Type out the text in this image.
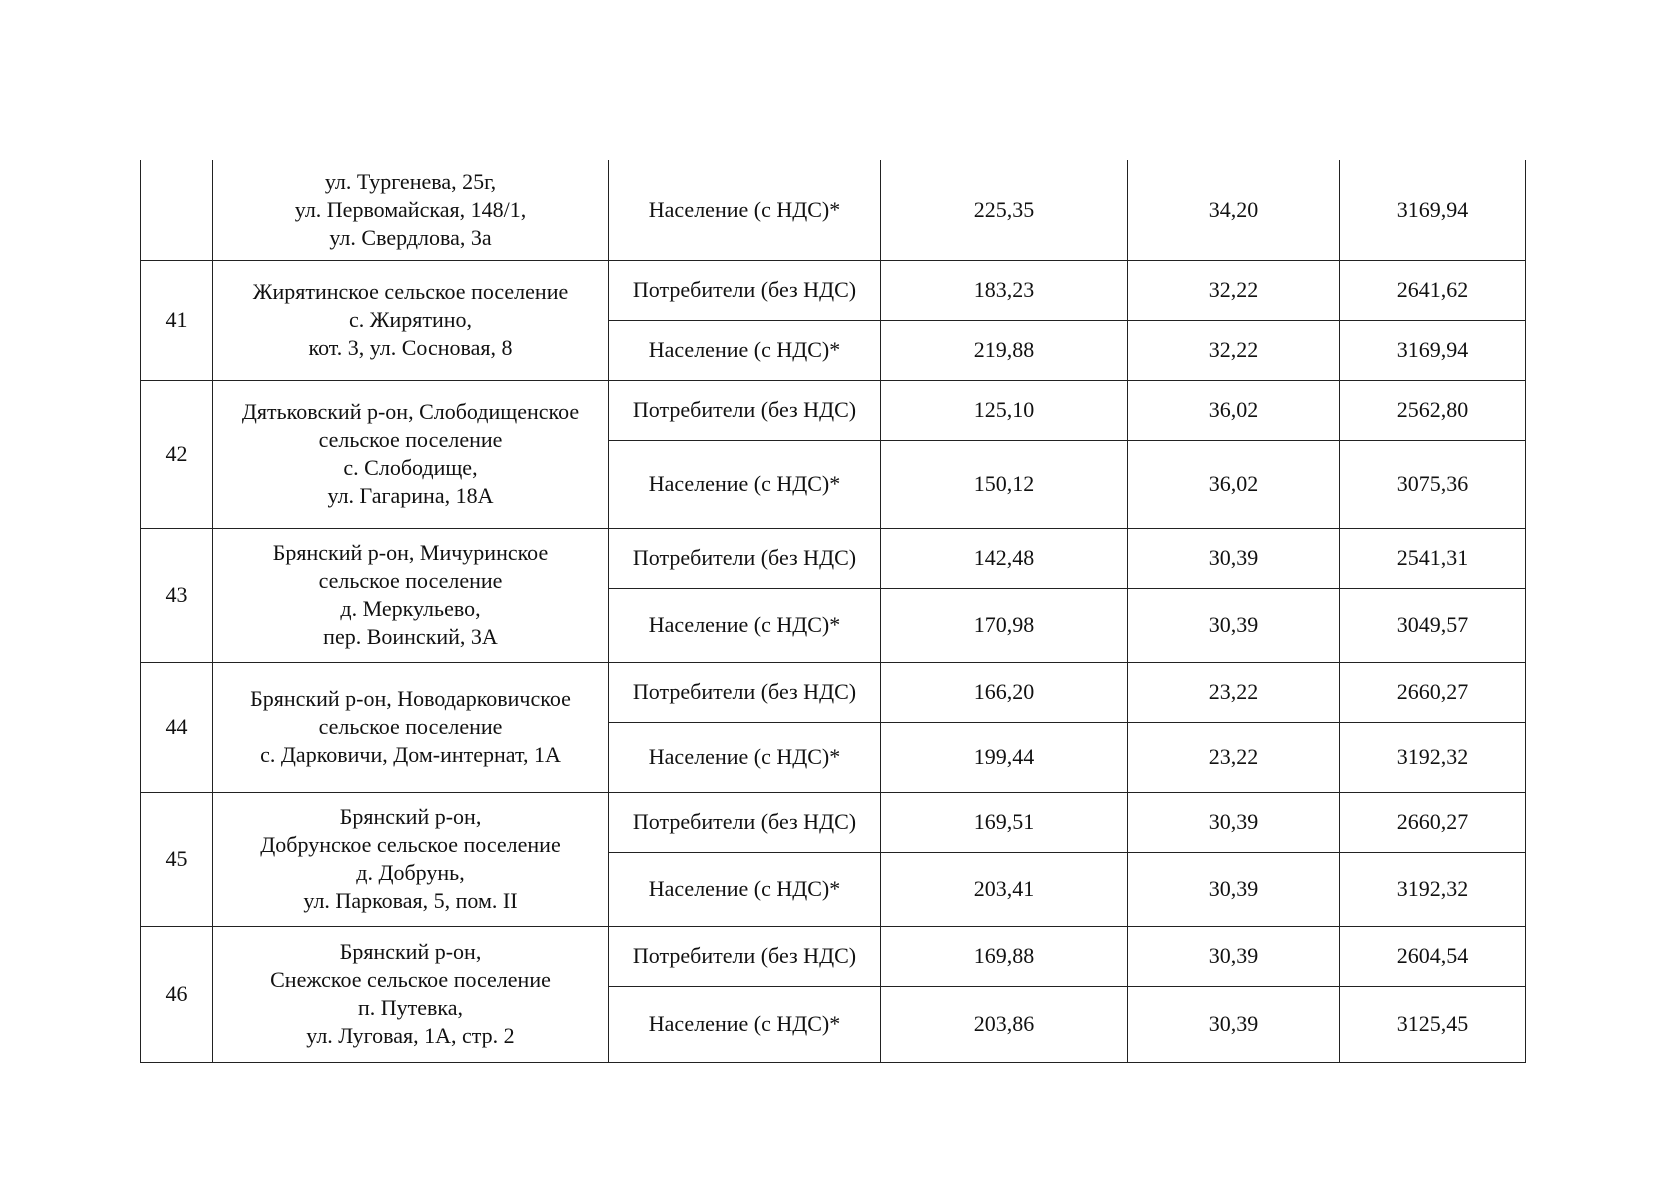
	ул. Тургенева, 25г,
ул. Первомайская, 148/1,
ул. Свердлова, 3а	Население (с НДС)*	225,35	34,20	3169,94
41	Жирятинское сельское поселение
с. Жирятино,
кот. 3, ул. Сосновая, 8	Потребители (без НДС)	183,23	32,22	2641,62
		Население (с НДС)*	219,88	32,22	3169,94
42	Дятьковский р-он, Слободищенское
сельское поселение
с. Слободище,
ул. Гагарина, 18А	Потребители (без НДС)	125,10	36,02	2562,80
		Население (с НДС)*	150,12	36,02	3075,36
43	Брянский р-он, Мичуринское
сельское поселение
д. Меркульево,
пер. Воинский, 3А	Потребители (без НДС)	142,48	30,39	2541,31
		Население (с НДС)*	170,98	30,39	3049,57
44	Брянский р-он, Новодарковичское
сельское поселение
с. Дарковичи, Дом-интернат, 1А	Потребители (без НДС)	166,20	23,22	2660,27
		Население (с НДС)*	199,44	23,22	3192,32
45	Брянский р-он,
Добрунское сельское поселение
д. Добрунь,
ул. Парковая, 5, пом. II	Потребители (без НДС)	169,51	30,39	2660,27
		Население (с НДС)*	203,41	30,39	3192,32
46	Брянский р-он,
Снежское сельское поселение
п. Путевка,
ул. Луговая, 1А, стр. 2	Потребители (без НДС)	169,88	30,39	2604,54
		Население (с НДС)*	203,86	30,39	3125,45
